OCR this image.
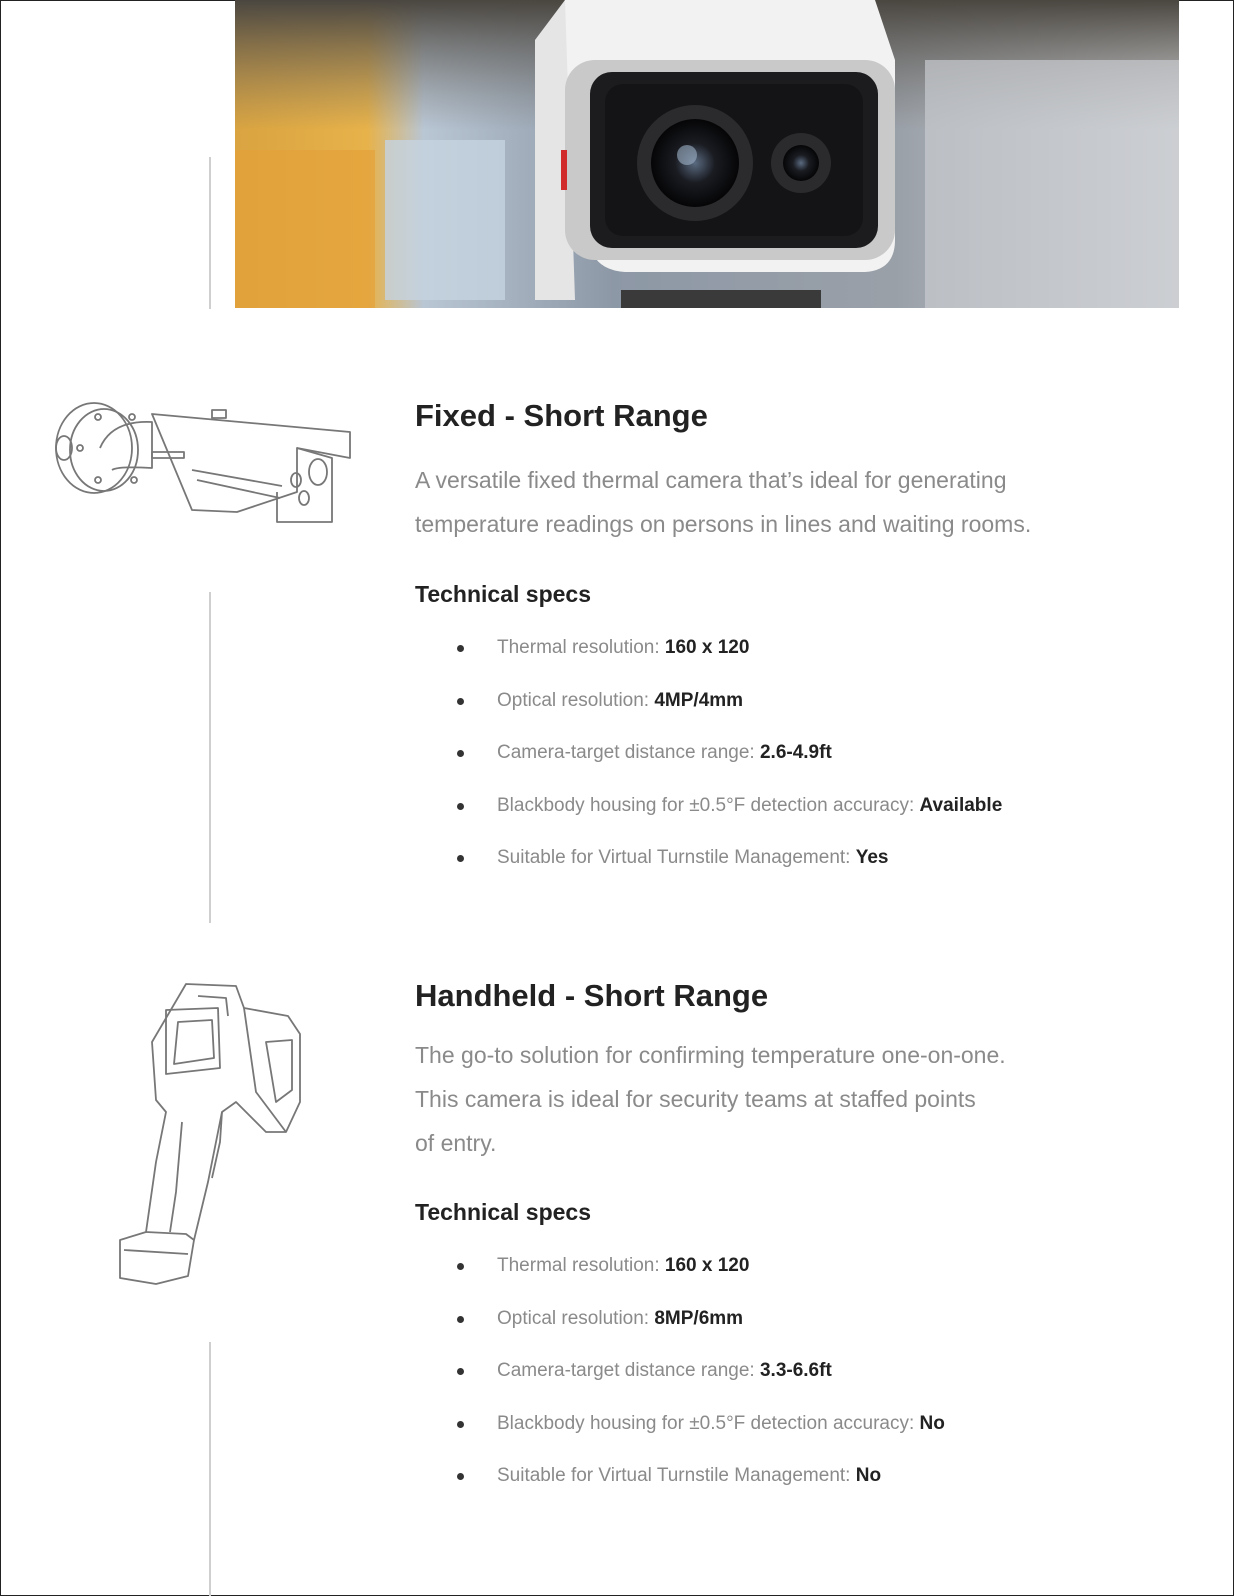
Fixed - Short Range
A versatile fixed thermal camera that’s ideal for generating
temperature readings on persons in lines and waiting rooms.
Technical specs
Thermal resolution: 160 x 120
Optical resolution: 4MP/4mm
Camera-target distance range: 2.6-4.9ft
Blackbody housing for ±0.5°F detection accuracy: Available
Suitable for Virtual Turnstile Management: Yes
Handheld - Short Range
The go-to solution for confirming temperature one-on-one.
This camera is ideal for security teams at staffed points
of entry.
Technical specs
Thermal resolution: 160 x 120
Optical resolution: 8MP/6mm
Camera-target distance range: 3.3-6.6ft
Blackbody housing for ±0.5°F detection accuracy: No
Suitable for Virtual Turnstile Management: No
